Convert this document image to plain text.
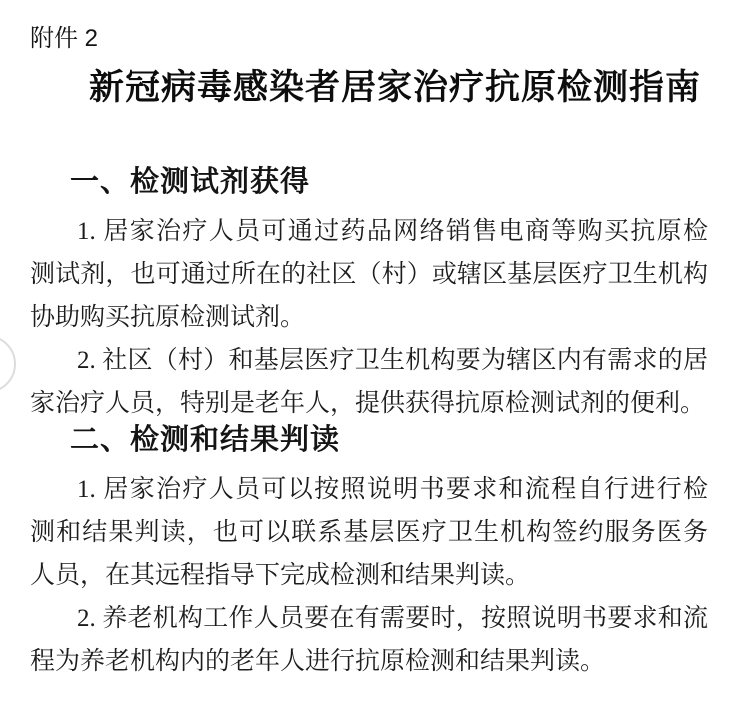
附件 2
新冠病毒感染者居家治疗抗原检测指南
一、检测试剂获得
1. 居家治疗人员可通过药品网络销售电商等购买抗原检
测试剂，也可通过所在的社区（村）或辖区基层医疗卫生机构
协助购买抗原检测试剂。
2. 社区（村）和基层医疗卫生机构要为辖区内有需求的居
家治疗人员，特别是老年人，提供获得抗原检测试剂的便利。
二、检测和结果判读
1. 居家治疗人员可以按照说明书要求和流程自行进行检
测和结果判读，也可以联系基层医疗卫生机构签约服务医务
人员，在其远程指导下完成检测和结果判读。
2. 养老机构工作人员要在有需要时，按照说明书要求和流
程为养老机构内的老年人进行抗原检测和结果判读。
